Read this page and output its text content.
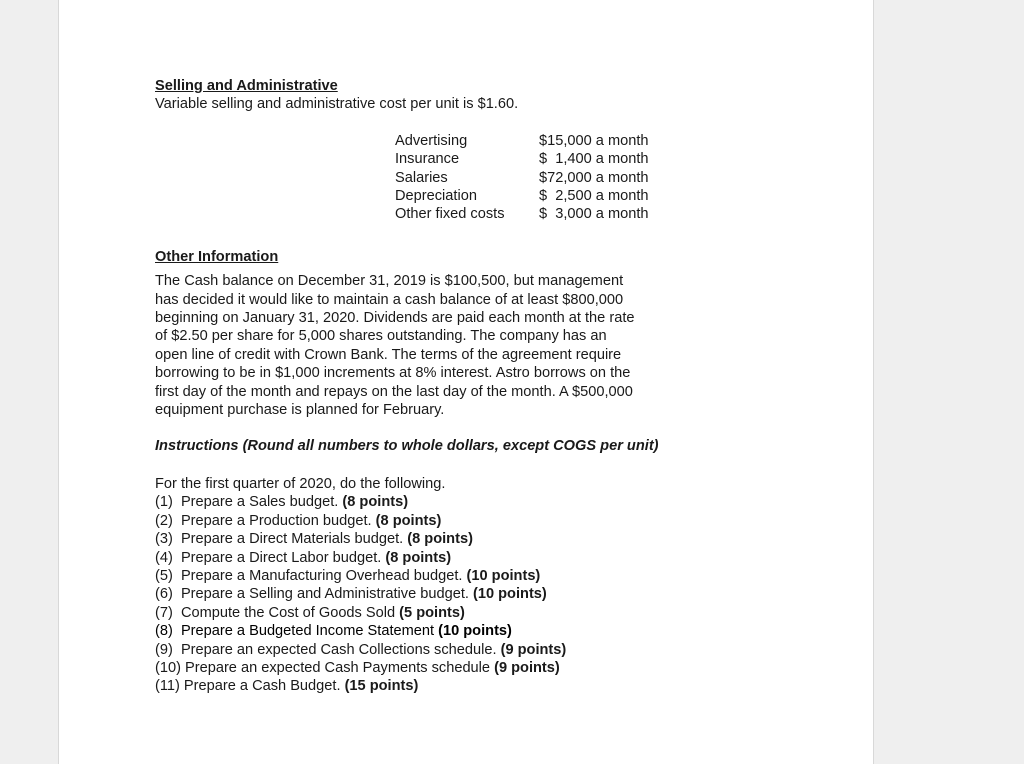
Selling and Administrative
Variable selling and administrative cost per unit is $1.60.
Advertising	$15,000 a month
Insurance	$  1,400 a month
Salaries	$72,000 a month
Depreciation	$  2,500 a month
Other fixed costs	$  3,000 a month
Other Information
The Cash balance on December 31, 2019 is $100,500, but management has decided it would like to maintain a cash balance of at least $800,000 beginning on January 31, 2020. Dividends are paid each month at the rate of $2.50 per share for 5,000 shares outstanding. The company has an open line of credit with Crown Bank. The terms of the agreement require borrowing to be in $1,000 increments at 8% interest. Astro borrows on the first day of the month and repays on the last day of the month. A $500,000 equipment purchase is planned for February.
Instructions (Round all numbers to whole dollars, except COGS per unit)
For the first quarter of 2020, do the following.
(1)  Prepare a Sales budget. (8 points)
(2)  Prepare a Production budget. (8 points)
(3)  Prepare a Direct Materials budget. (8 points)
(4)  Prepare a Direct Labor budget. (8 points)
(5)  Prepare a Manufacturing Overhead budget. (10 points)
(6)  Prepare a Selling and Administrative budget. (10 points)
(7)  Compute the Cost of Goods Sold (5 points)
(8)  Prepare a Budgeted Income Statement (10 points)
(9)  Prepare an expected Cash Collections schedule. (9 points)
(10) Prepare an expected Cash Payments schedule (9 points)
(11) Prepare a Cash Budget. (15 points)
